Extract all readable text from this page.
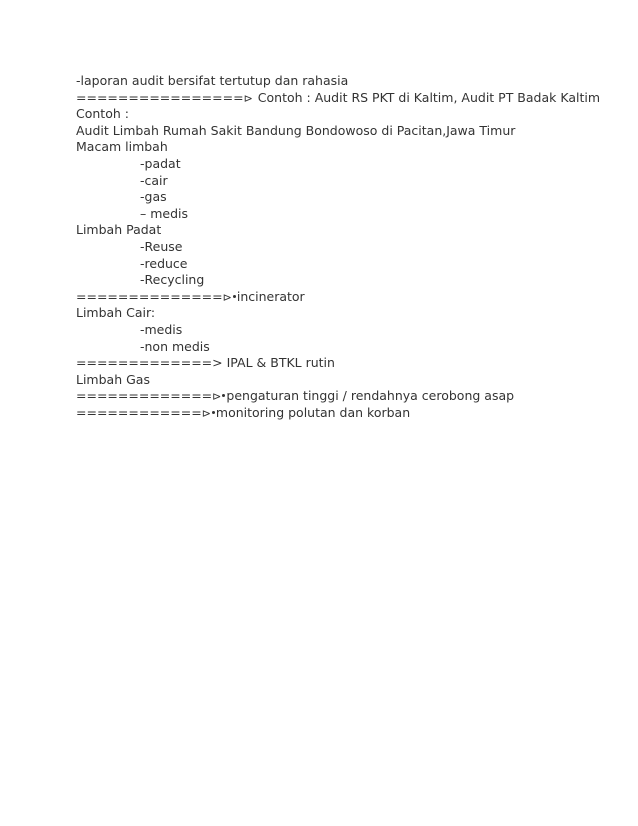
-laporan audit bersifat tertutup dan rahasia
================⊳ Contoh : Audit RS PKT di Kaltim, Audit PT Badak Kaltim
Contoh :
Audit Limbah Rumah Sakit Bandung Bondowoso di Pacitan,Jawa Timur
Macam limbah
-padat
-cair
-gas
– medis
Limbah Padat
-Reuse
-reduce
-Recycling
==============⊳ incinerator
Limbah Cair:
-medis
-non medis
=============> IPAL & BTKL rutin
Limbah Gas
=============⊳ pengaturan tinggi / rendahnya cerobong asap
============⊳ monitoring polutan dan korban
